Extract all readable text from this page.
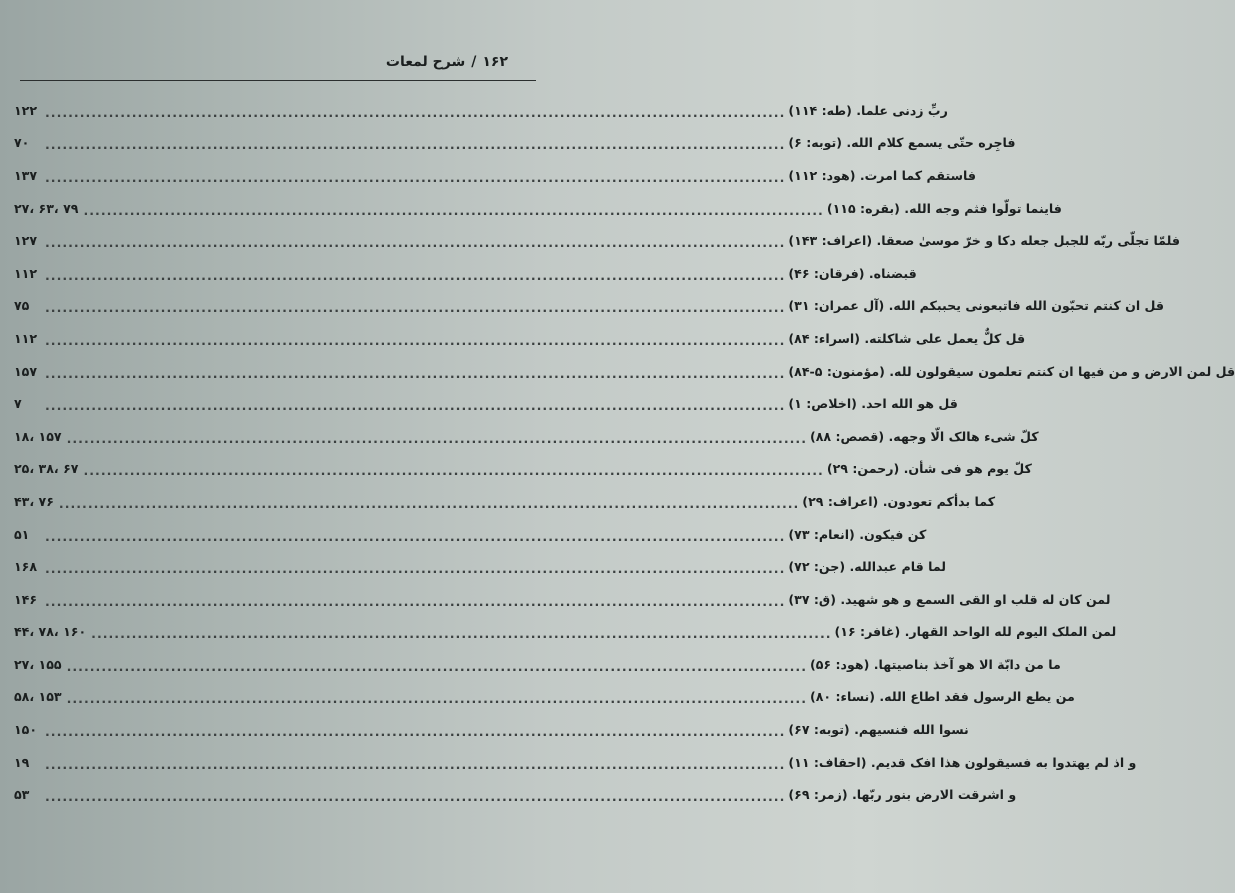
۱۶۲
/
شرح لمعات
۱۲۲ ................................................................................................................................ ربِّ زدنی علما. (طه: ۱۱۴)
۷۰	................................................................................................................................ فاجِره حتّی یسمع کلام الله. (توبه: ۶)
۱۳۷ ................................................................................................................................ فاستقم کما امرت. (هود: ۱۱۲)
۷۹ ،۶۳ ،۲۷ ................................................................................................................................ فاینما تولّوا فثم وجه الله. (بقره: ۱۱۵)
۱۲۷ ................................................................................................................................ فلمّا تجلّی ربّه للجبل جعله دکا و خرّ موسیٰ صعقا. (اعراف: ۱۴۳)
۱۱۲ ................................................................................................................................ قبضناه. (فرقان: ۴۶)
۷۵	................................................................................................................................ قل ان کنتم تحبّون الله فاتبعونی یحببکم الله. (آل عمران: ۳۱)
۱۱۲ ................................................................................................................................ قل کلٌّ یعمل علی شاکلته. (اسراء: ۸۴)
۱۵۷ ................................................................................................................................ قل لمن الارض و من فیها ان کنتم تعلمون سیقولون لله. (مؤمنون: ۵-۸۴)
۷	................................................................................................................................ قل هو الله احد. (اخلاص: ۱)
۱۵۷ ،۱۸ ................................................................................................................................ کلّ شیء هالک الّا وجهه. (قصص: ۸۸)
۶۷ ،۳۸ ،۲۵ ................................................................................................................................ کلّ یوم هو فی شأن. (رحمن: ۲۹)
۷۶ ،۴۳ ................................................................................................................................ کما بدأکم تعودون. (اعراف: ۲۹)
۵۱	................................................................................................................................ کن فیکون. (انعام: ۷۳)
۱۶۸ ................................................................................................................................ لما قام عبدالله. (جن: ۷۲)
۱۴۶ ................................................................................................................................ لمن کان له قلب او القی السمع و هو شهید. (ق: ۳۷)
۱۶۰ ،۷۸ ،۴۴ ................................................................................................................................ لمن الملک الیوم لله الواحد القهار. (غافر: ۱۶)
۱۵۵ ،۲۷ ................................................................................................................................ ما من دابّة الا هو آخذ بناصیتها. (هود: ۵۶)
۱۵۳ ،۵۸ ................................................................................................................................ من یطع الرسول فقد اطاع الله. (نساء: ۸۰)
۱۵۰ ................................................................................................................................ نسوا الله فنسیهم. (توبه: ۶۷)
۱۹	................................................................................................................................ و اذ لم یهتدوا به فسیقولون هذا افک قدیم. (احقاف: ۱۱)
۵۳	................................................................................................................................ و اشرقت الارض بنور ربّها. (زمر: ۶۹)
